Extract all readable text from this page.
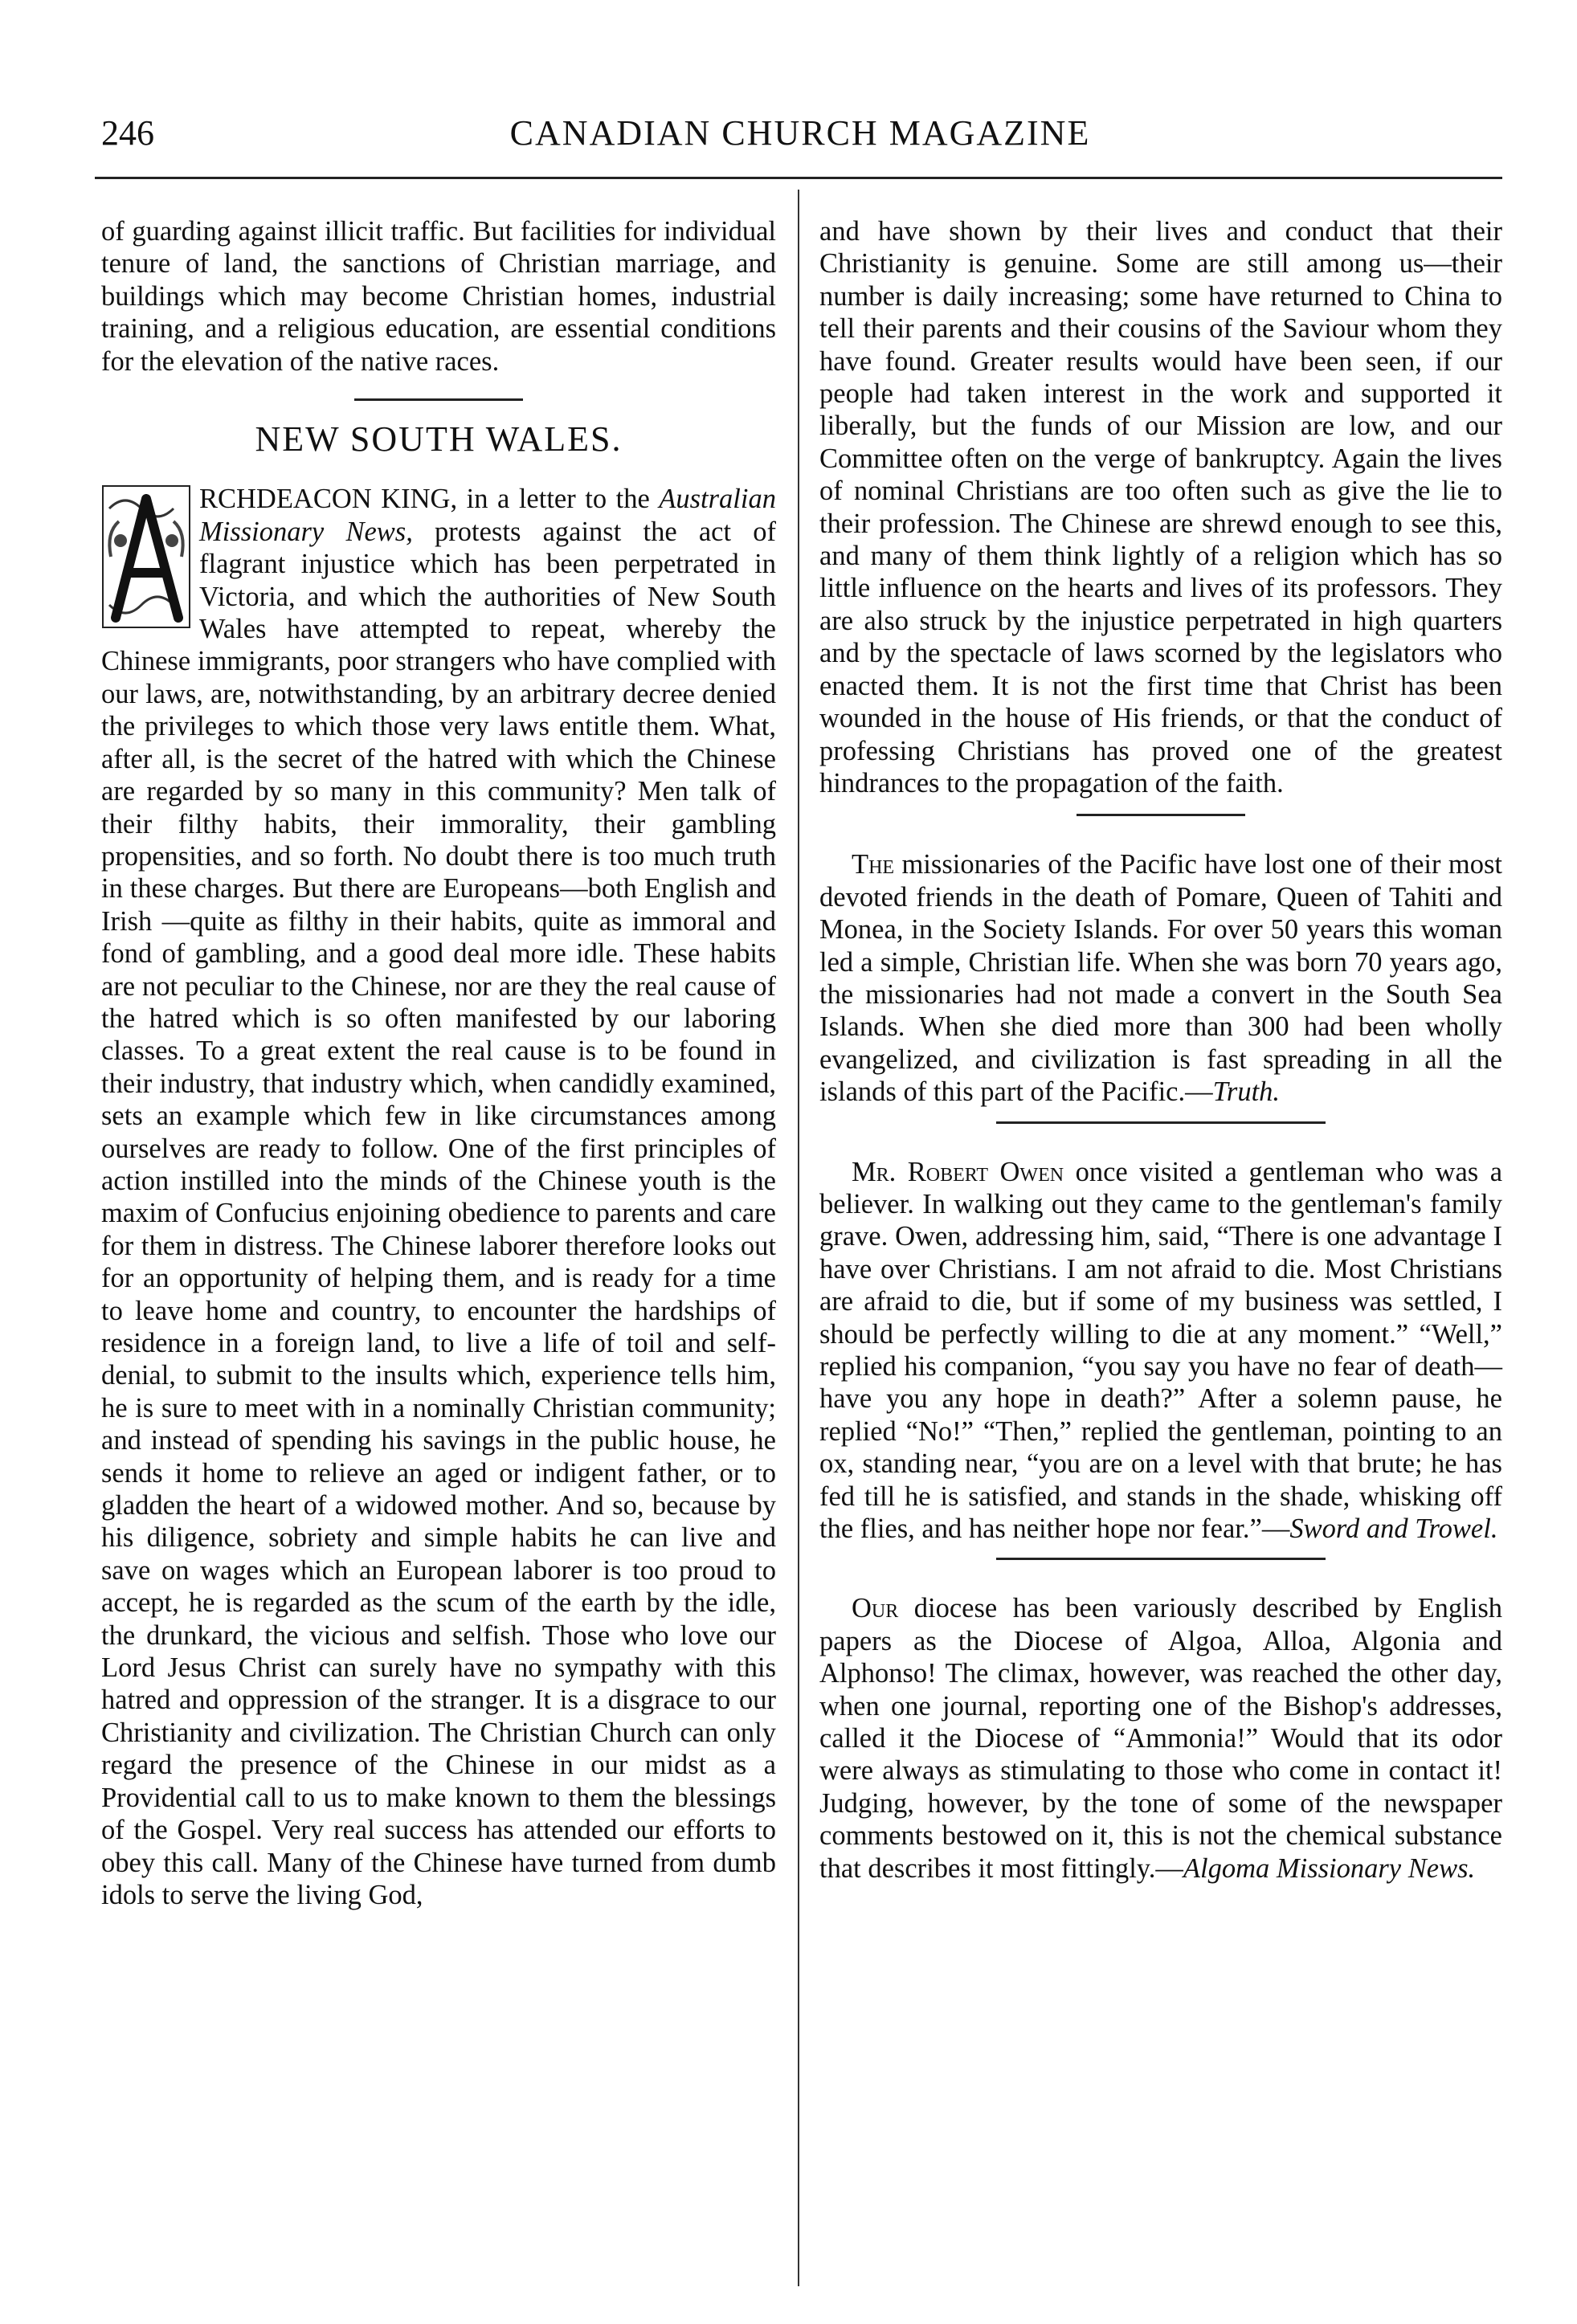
246	CANADIAN CHURCH MAGAZINE

of guarding against illicit traffic. But facilities for individual tenure of land, the sanctions of Christian marriage, and buildings which may become Christian homes, industrial training, and a religious education, are essential conditions for the elevation of the native races.

NEW SOUTH WALES.

RCHDEACON KING, in a letter to the Australian Missionary News, protests against the act of flagrant injustice which has been perpetrated in Victoria, and which the authorities of New South Wales have attempted to repeat, whereby the Chinese immigrants, poor strangers who have complied with our laws, are, notwithstanding, by an arbitrary decree denied the privileges to which those very laws entitle them. What, after all, is the secret of the hatred with which the Chinese are regarded by so many in this community? Men talk of their filthy habits, their immorality, their gambling propensities, and so forth. No doubt there is too much truth in these charges. But there are Europeans—both English and Irish —quite as filthy in their habits, quite as immoral and fond of gambling, and a good deal more idle. These habits are not peculiar to the Chinese, nor are they the real cause of the hatred which is so often manifested by our laboring classes. To a great extent the real cause is to be found in their industry, that industry which, when candidly examined, sets an example which few in like circumstances among ourselves are ready to follow. One of the first principles of action instilled into the minds of the Chinese youth is the maxim of Confucius enjoining obedience to parents and care for them in distress. The Chinese laborer therefore looks out for an opportunity of helping them, and is ready for a time to leave home and country, to encounter the hardships of residence in a foreign land, to live a life of toil and self-denial, to submit to the insults which, experience tells him, he is sure to meet with in a nominally Christian community; and instead of spending his savings in the public house, he sends it home to relieve an aged or indigent father, or to gladden the heart of a widowed mother. And so, because by his diligence, sobriety and simple habits he can live and save on wages which an European laborer is too proud to accept, he is regarded as the scum of the earth by the idle, the drunkard, the vicious and selfish. Those who love our Lord Jesus Christ can surely have no sympathy with this hatred and oppression of the stranger. It is a disgrace to our Christianity and civilization. The Christian Church can only regard the presence of the Chinese in our midst as a Providential call to us to make known to them the blessings of the Gospel. Very real success has attended our efforts to obey this call. Many of the Chinese have turned from dumb idols to serve the living God,

and have shown by their lives and conduct that their Christianity is genuine. Some are still among us—their number is daily increasing; some have returned to China to tell their parents and their cousins of the Saviour whom they have found. Greater results would have been seen, if our people had taken interest in the work and supported it liberally, but the funds of our Mission are low, and our Committee often on the verge of bankruptcy. Again the lives of nominal Christians are too often such as give the lie to their profession. The Chinese are shrewd enough to see this, and many of them think lightly of a religion which has so little influence on the hearts and lives of its professors. They are also struck by the injustice perpetrated in high quarters and by the spectacle of laws scorned by the legislators who enacted them. It is not the first time that Christ has been wounded in the house of His friends, or that the conduct of professing Christians has proved one of the greatest hindrances to the propagation of the faith.

The missionaries of the Pacific have lost one of their most devoted friends in the death of Pomare, Queen of Tahiti and Monea, in the Society Islands. For over 50 years this woman led a simple, Christian life. When she was born 70 years ago, the missionaries had not made a convert in the South Sea Islands. When she died more than 300 had been wholly evangelized, and civilization is fast spreading in all the islands of this part of the Pacific.—Truth.

Mr. Robert Owen once visited a gentleman who was a believer. In walking out they came to the gentleman's family grave. Owen, addressing him, said, “There is one advantage I have over Christians. I am not afraid to die. Most Christians are afraid to die, but if some of my business was settled, I should be perfectly willing to die at any moment.” “Well,” replied his companion, “you say you have no fear of death—have you any hope in death?” After a solemn pause, he replied “No!” “Then,” replied the gentleman, pointing to an ox, standing near, “you are on a level with that brute; he has fed till he is satisfied, and stands in the shade, whisking off the flies, and has neither hope nor fear.”—Sword and Trowel.

Our diocese has been variously described by English papers as the Diocese of Algoa, Alloa, Algonia and Alphonso! The climax, however, was reached the other day, when one journal, reporting one of the Bishop's addresses, called it the Diocese of “Ammonia!” Would that its odor were always as stimulating to those who come in contact it! Judging, however, by the tone of some of the newspaper comments bestowed on it, this is not the chemical substance that describes it most fittingly.—Algoma Missionary News.
